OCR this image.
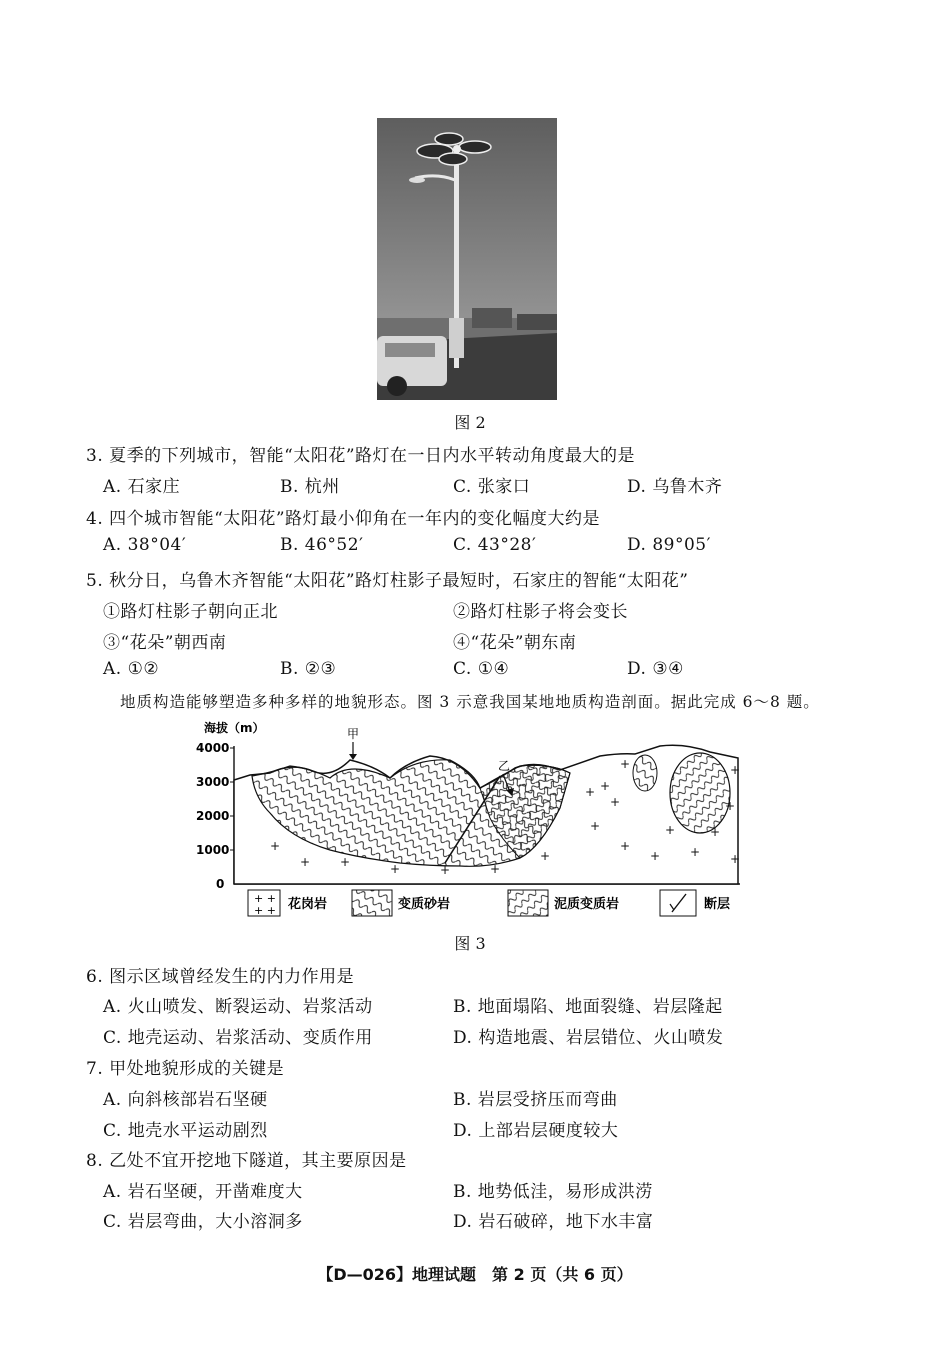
图 2
3. 夏季的下列城市，智能“太阳花”路灯在一日内水平转动角度最大的是
A. 石家庄	B. 杭州	C. 张家口	D. 乌鲁木齐
4. 四个城市智能“太阳花”路灯最小仰角在一年内的变化幅度大约是
A. 38°04′	B. 46°52′	C. 43°28′	D. 89°05′
5. 秋分日，乌鲁木齐智能“太阳花”路灯柱影子最短时，石家庄的智能“太阳花”
①路灯柱影子朝向正北	②路灯柱影子将会变长
③“花朵”朝西南	④“花朵”朝东南
A. ①②	B. ②③	C. ①④	D. ③④
地质构造能够塑造多种多样的地貌形态。图 3 示意我国某地地质构造剖面。据此完成 6～8 题。
海拔（m）
4000
3000
2000
1000
0
+
+ +	+	+	+
+
+ +
+
+
+
+
+
+
+
+
+
+	+
甲
乙
+ +
+ + 花岗岩	变质砂岩	泥质变质岩	断层
图 3
6. 图示区域曾经发生的内力作用是
A. 火山喷发、断裂运动、岩浆活动	B. 地面塌陷、地面裂缝、岩层隆起
C. 地壳运动、岩浆活动、变质作用	D. 构造地震、岩层错位、火山喷发
7. 甲处地貌形成的关键是
A. 向斜核部岩石坚硬	B. 岩层受挤压而弯曲
C. 地壳水平运动剧烈	D. 上部岩层硬度较大
8. 乙处不宜开挖地下隧道，其主要原因是
A. 岩石坚硬，开凿难度大	B. 地势低洼，易形成洪涝
C. 岩层弯曲，大小溶洞多	D. 岩石破碎，地下水丰富
【D—026】地理试题　第 2 页（共 6 页）
